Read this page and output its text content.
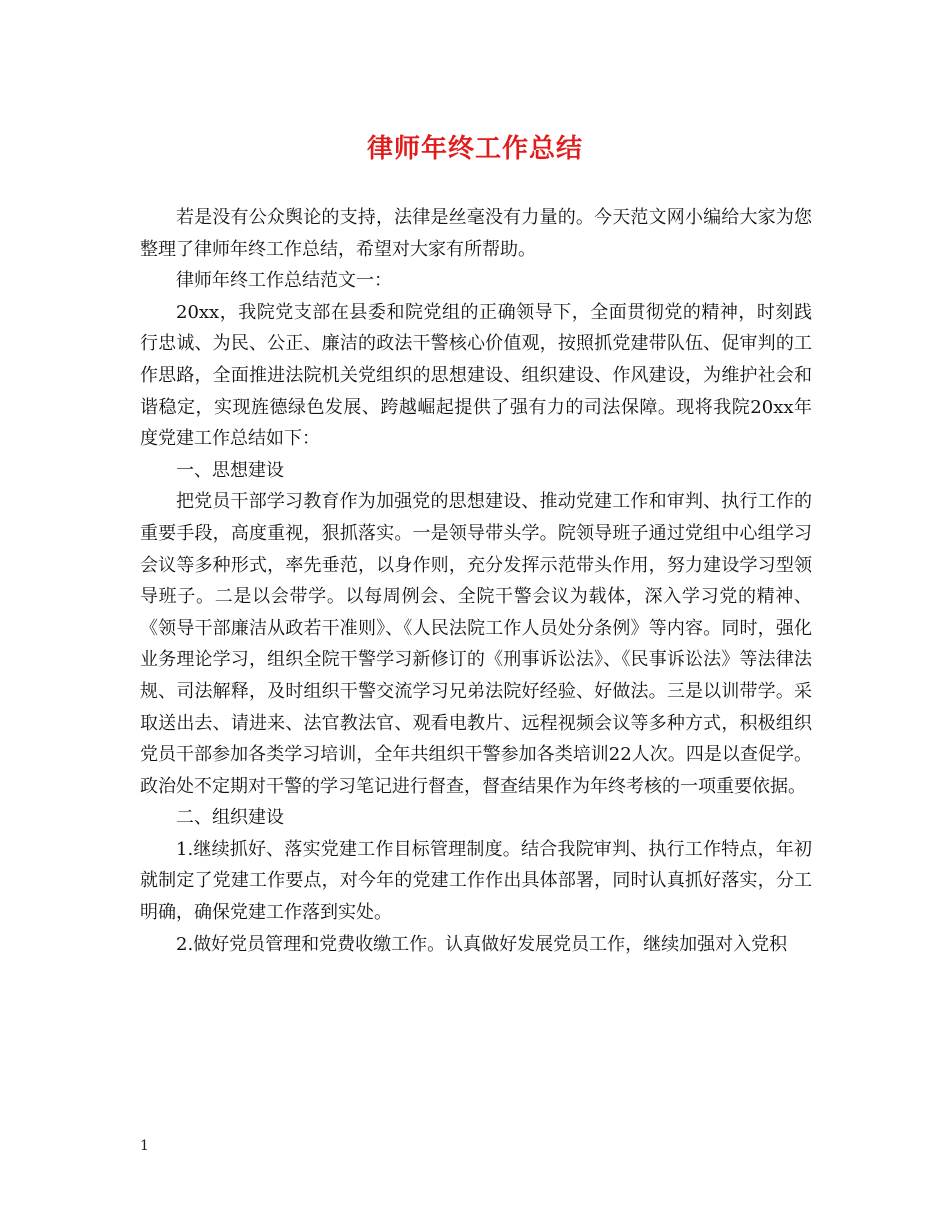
律师年终工作总结

若是没有公众舆论的支持，法律是丝毫没有力量的。今天范文网小编给大家为您整理了律师年终工作总结，希望对大家有所帮助。

律师年终工作总结范文一：

20xx，我院党支部在县委和院党组的正确领导下，全面贯彻党的精神，时刻践行忠诚、为民、公正、廉洁的政法干警核心价值观，按照抓党建带队伍、促审判的工作思路，全面推进法院机关党组织的思想建设、组织建设、作风建设，为维护社会和谐稳定，实现旌德绿色发展、跨越崛起提供了强有力的司法保障。现将我院20xx年度党建工作总结如下：

一、思想建设

把党员干部学习教育作为加强党的思想建设、推动党建工作和审判、执行工作的重要手段，高度重视，狠抓落实。一是领导带头学。院领导班子通过党组中心组学习会议等多种形式，率先垂范，以身作则，充分发挥示范带头作用，努力建设学习型领导班子。二是以会带学。以每周例会、全院干警会议为载体，深入学习党的精神、《领导干部廉洁从政若干准则》、《人民法院工作人员处分条例》等内容。同时，强化业务理论学习，组织全院干警学习新修订的《刑事诉讼法》、《民事诉讼法》等法律法规、司法解释，及时组织干警交流学习兄弟法院好经验、好做法。三是以训带学。采取送出去、请进来、法官教法官、观看电教片、远程视频会议等多种方式，积极组织党员干部参加各类学习培训，全年共组织干警参加各类培训22人次。四是以查促学。政治处不定期对干警的学习笔记进行督查，督查结果作为年终考核的一项重要依据。

二、组织建设

1.继续抓好、落实党建工作目标管理制度。结合我院审判、执行工作特点，年初就制定了党建工作要点，对今年的党建工作作出具体部署，同时认真抓好落实，分工明确，确保党建工作落到实处。

2.做好党员管理和党费收缴工作。认真做好发展党员工作，继续加强对入党积

1
